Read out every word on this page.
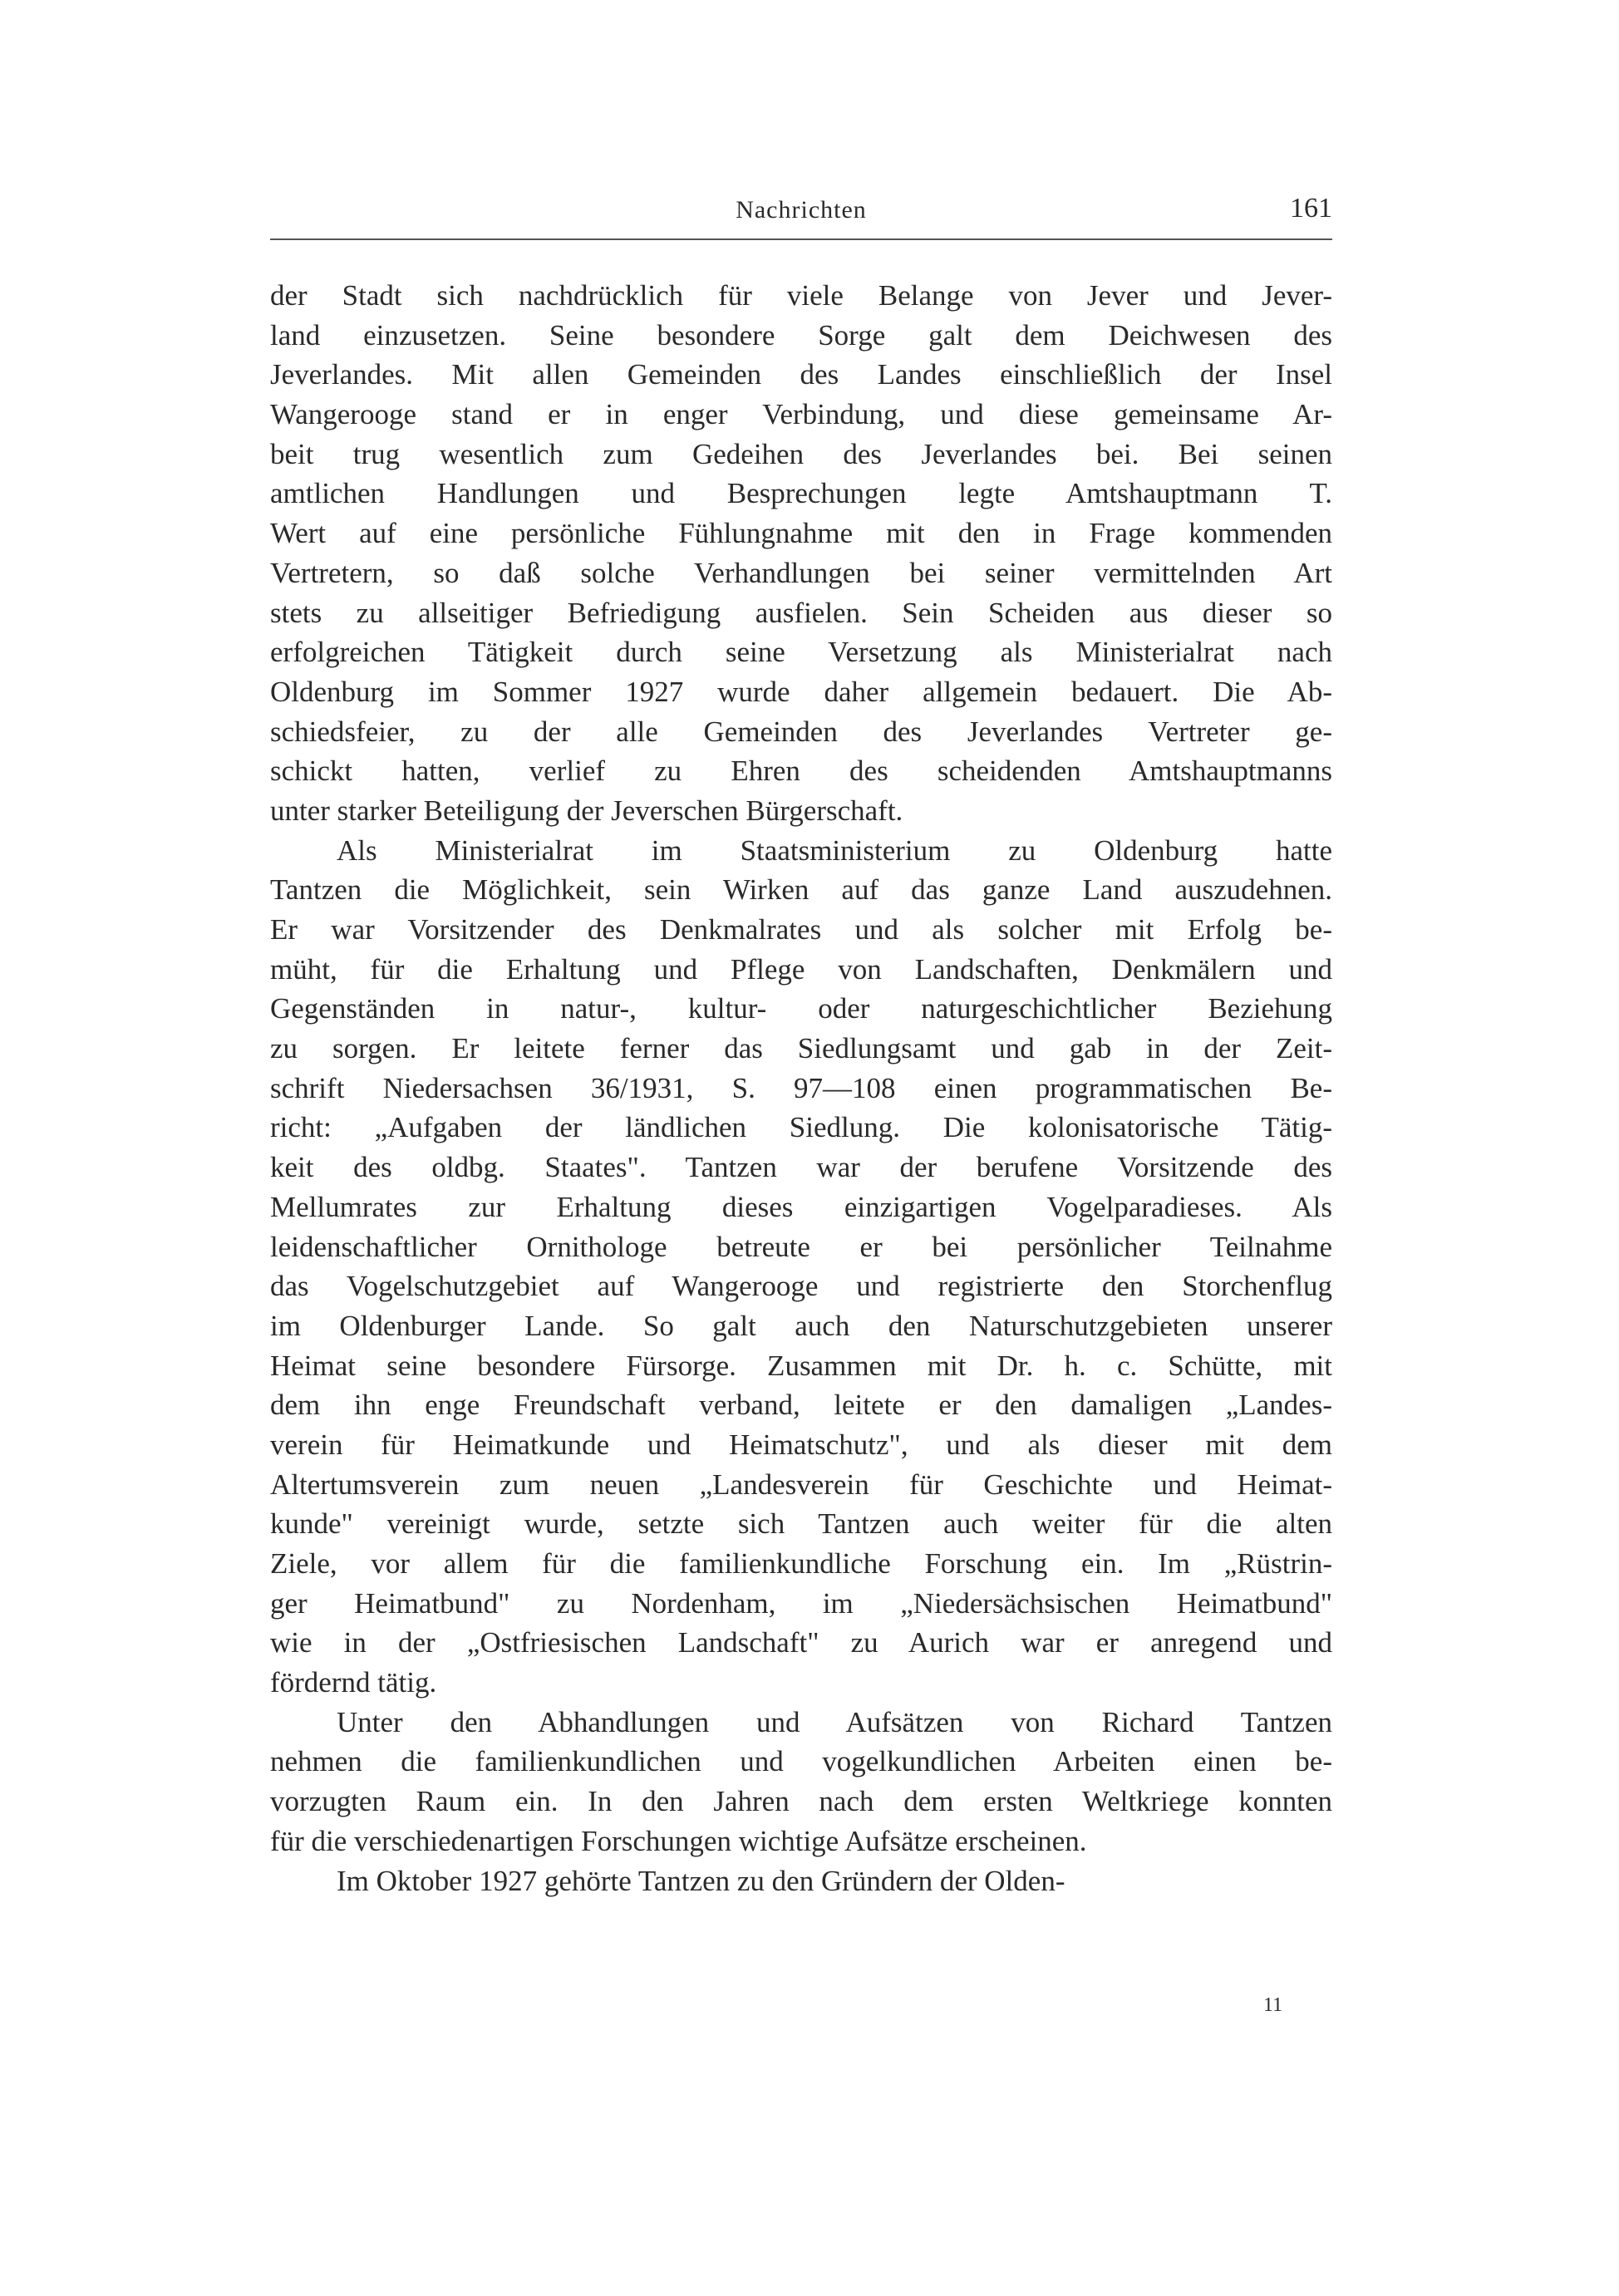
Nachrichten	161
der Stadt sich nachdrücklich für viele Belange von Jever und Jever-
land einzusetzen. Seine besondere Sorge galt dem Deichwesen des
Jeverlandes. Mit allen Gemeinden des Landes einschließlich der Insel
Wangerooge stand er in enger Verbindung, und diese gemeinsame Ar-
beit trug wesentlich zum Gedeihen des Jeverlandes bei. Bei seinen
amtlichen Handlungen und Besprechungen legte Amtshauptmann T.
Wert auf eine persönliche Fühlungnahme mit den in Frage kommenden
Vertretern, so daß solche Verhandlungen bei seiner vermittelnden Art
stets zu allseitiger Befriedigung ausfielen. Sein Scheiden aus dieser so
erfolgreichen Tätigkeit durch seine Versetzung als Ministerialrat nach
Oldenburg im Sommer 1927 wurde daher allgemein bedauert. Die Ab-
schiedsfeier, zu der alle Gemeinden des Jeverlandes Vertreter ge-
schickt hatten, verlief zu Ehren des scheidenden Amtshauptmanns
unter starker Beteiligung der Jeverschen Bürgerschaft.
Als Ministerialrat im Staatsministerium zu Oldenburg hatte
Tantzen die Möglichkeit, sein Wirken auf das ganze Land auszudehnen.
Er war Vorsitzender des Denkmalrates und als solcher mit Erfolg be-
müht, für die Erhaltung und Pflege von Landschaften, Denkmälern und
Gegenständen in natur-, kultur- oder naturgeschichtlicher Beziehung
zu sorgen. Er leitete ferner das Siedlungsamt und gab in der Zeit-
schrift Niedersachsen 36/1931, S. 97—108 einen programmatischen Be-
richt: „Aufgaben der ländlichen Siedlung. Die kolonisatorische Tätig-
keit des oldbg. Staates". Tantzen war der berufene Vorsitzende des
Mellumrates zur Erhaltung dieses einzigartigen Vogelparadieses. Als
leidenschaftlicher Ornithologe betreute er bei persönlicher Teilnahme
das Vogelschutzgebiet auf Wangerooge und registrierte den Storchenflug
im Oldenburger Lande. So galt auch den Naturschutzgebieten unserer
Heimat seine besondere Fürsorge. Zusammen mit Dr. h. c. Schütte, mit
dem ihn enge Freundschaft verband, leitete er den damaligen „Landes-
verein für Heimatkunde und Heimatschutz", und als dieser mit dem
Altertumsverein zum neuen „Landesverein für Geschichte und Heimat-
kunde" vereinigt wurde, setzte sich Tantzen auch weiter für die alten
Ziele, vor allem für die familienkundliche Forschung ein. Im „Rüstrin-
ger Heimatbund" zu Nordenham, im „Niedersächsischen Heimatbund"
wie in der „Ostfriesischen Landschaft" zu Aurich war er anregend und
fördernd tätig.
Unter den Abhandlungen und Aufsätzen von Richard Tantzen
nehmen die familienkundlichen und vogelkundlichen Arbeiten einen be-
vorzugten Raum ein. In den Jahren nach dem ersten Weltkriege konnten
für die verschiedenartigen Forschungen wichtige Aufsätze erscheinen.
Im Oktober 1927 gehörte Tantzen zu den Gründern der Olden-
11
